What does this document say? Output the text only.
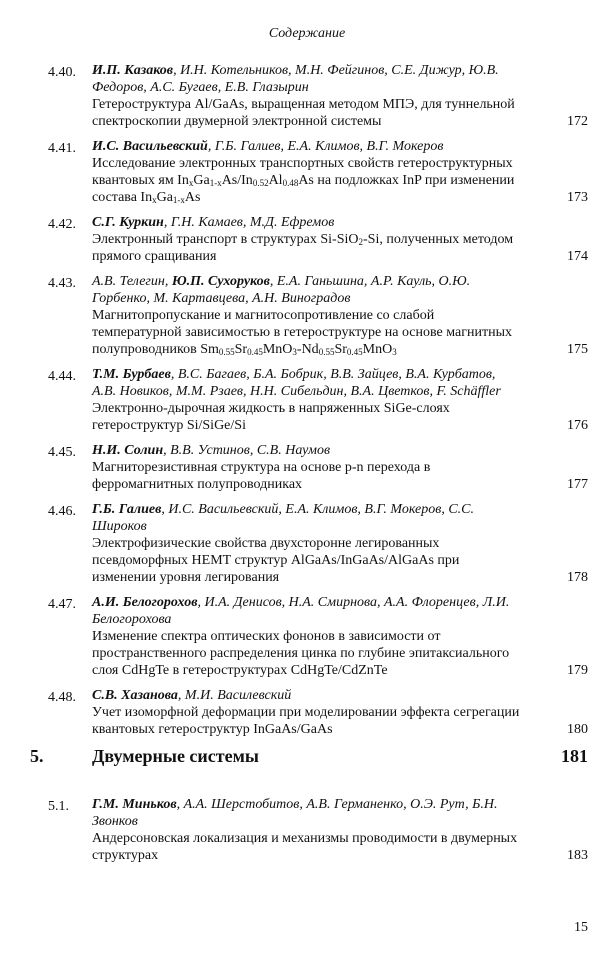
Содержание
4.40. И.П. Казаков, И.Н. Котельников, М.Н. Фейгинов, С.Е. Дижур, Ю.В. Федоров, А.С. Бугаев, Е.В. Глазырин
Гетероструктура Al/GaAs, выращенная методом МПЭ, для туннельной спектроскопии двумерной электронной системы	172
4.41. И.С. Васильевский, Г.Б. Галиев, Е.А. Климов, В.Г. Мокеров
Исследование электронных транспортных свойств гетероструктурных квантовых ям $In_xGa_{1-x}As/In_{0.52}Al_{0.48}As$ на подложках InP при изменении состава $In_xGa_{1-x}As$	173
4.42. С.Г. Куркин, Г.Н. Камаев, М.Д. Ефремов
Электронный транспорт в структурах Si-SiO$_2$-Si, полученных методом прямого сращивания	174
4.43. А.В. Телегин, Ю.П. Сухоруков, Е.А. Ганьшина, А.Р. Кауль, О.Ю. Горбенко, М. Картавцева, А.Н. Виноградов
Магнитопропускание и магнитосопротивление со слабой температурной зависимостью в гетероструктуре на основе магнитных полупроводников $Sm_{0.55}Sr_{0.45}MnO_3-Nd_{0.55}Sr_{0.45}MnO_3$	175
4.44. Т.М. Бурбаев, В.С. Багаев, Б.А. Бобрик, В.В. Зайцев, В.А. Курбатов, А.В. Новиков, М.М. Рзаев, Н.Н. Сибельдин, В.А. Цветков, F. Schäffler
Электронно-дырочная жидкость в напряженных SiGe-слоях гетероструктур Si/SiGe/Si	176
4.45. Н.И. Солин, В.В. Устинов, С.В. Наумов
Магниторезистивная структура на основе p-n перехода в ферромагнитных полупроводниках	177
4.46. Г.Б. Галиев, И.С. Васильевский, Е.А. Климов, В.Г. Мокеров, С.С. Широков
Электрофизические свойства двухсторонне легированных псевдоморфных HEMT структур AlGaAs/InGaAs/AlGaAs при изменении уровня легирования	178
4.47. А.И. Белогорохов, И.А. Денисов, Н.А. Смирнова, А.А. Флоренцев, Л.И. Белогорохова
Изменение спектра оптических фононов в зависимости от пространственного распределения цинка по глубине эпитаксиального слоя CdHgTe в гетероструктурах CdHgTe/CdZnTe	179
4.48. С.В. Хазанова, М.И. Василевский
Учет изоморфной деформации при моделировании эффекта сегрегации квантовых гетероструктур InGaAs/GaAs	180
5.	Двумерные системы	181
5.1. Г.М. Миньков, А.А. Шерстобитов, А.В. Германенко, О.Э. Рут, Б.Н. Звонков
Андерсоновская локализация и механизмы проводимости в двумерных структурах	183
15
